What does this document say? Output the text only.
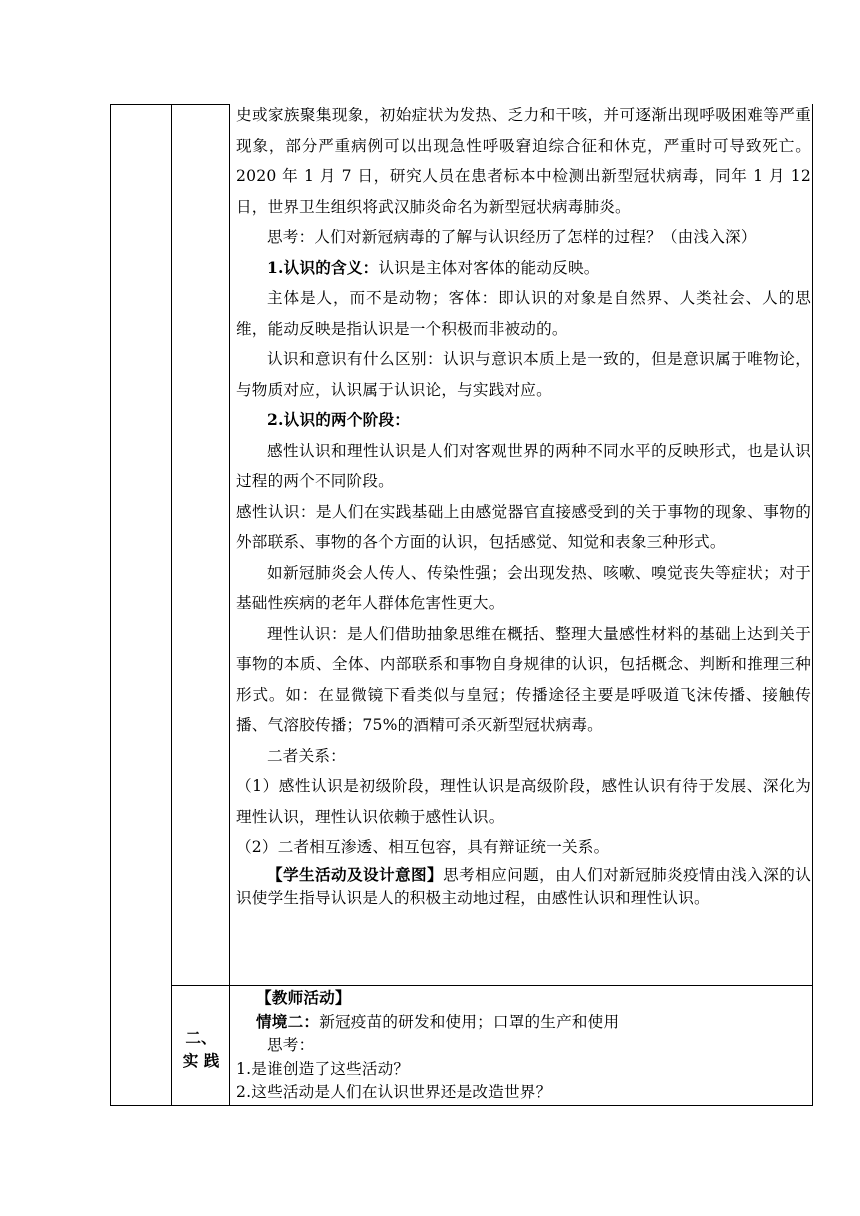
史或家族聚集现象，初始症状为发热、乏力和干咳，并可逐渐出现呼吸困难等严重现象，部分严重病例可以出现急性呼吸窘迫综合征和休克，严重时可导致死亡。2020 年 1 月 7 日，研究人员在患者标本中检测出新型冠状病毒，同年 1 月 12 日，世界卫生组织将武汉肺炎命名为新型冠状病毒肺炎。

思考：人们对新冠病毒的了解与认识经历了怎样的过程？（由浅入深）

1.认识的含义：认识是主体对客体的能动反映。

主体是人，而不是动物；客体：即认识的对象是自然界、人类社会、人的思维，能动反映是指认识是一个积极而非被动的。

认识和意识有什么区别：认识与意识本质上是一致的，但是意识属于唯物论，与物质对应，认识属于认识论，与实践对应。

2.认识的两个阶段：

感性认识和理性认识是人们对客观世界的两种不同水平的反映形式，也是认识过程的两个不同阶段。

感性认识：是人们在实践基础上由感觉器官直接感受到的关于事物的现象、事物的外部联系、事物的各个方面的认识，包括感觉、知觉和表象三种形式。

如新冠肺炎会人传人、传染性强；会出现发热、咳嗽、嗅觉丧失等症状；对于基础性疾病的老年人群体危害性更大。

理性认识：是人们借助抽象思维在概括、整理大量感性材料的基础上达到关于事物的本质、全体、内部联系和事物自身规律的认识，包括概念、判断和推理三种形式。如：在显微镜下看类似与皇冠；传播途径主要是呼吸道飞沫传播、接触传播、气溶胶传播；75%的酒精可杀灭新型冠状病毒。

二者关系：

（1）感性认识是初级阶段，理性认识是高级阶段，感性认识有待于发展、深化为理性认识，理性认识依赖于感性认识。

（2）二者相互渗透、相互包容，具有辩证统一关系。

【学生活动及设计意图】思考相应问题，由人们对新冠肺炎疫情由浅入深的认识使学生指导认识是人的积极主动地过程，由感性认识和理性认识。

二、
实 践

【教师活动】

情境二：新冠疫苗的研发和使用；口罩的生产和使用

思考：

1.是谁创造了这些活动？

2.这些活动是人们在认识世界还是改造世界？
